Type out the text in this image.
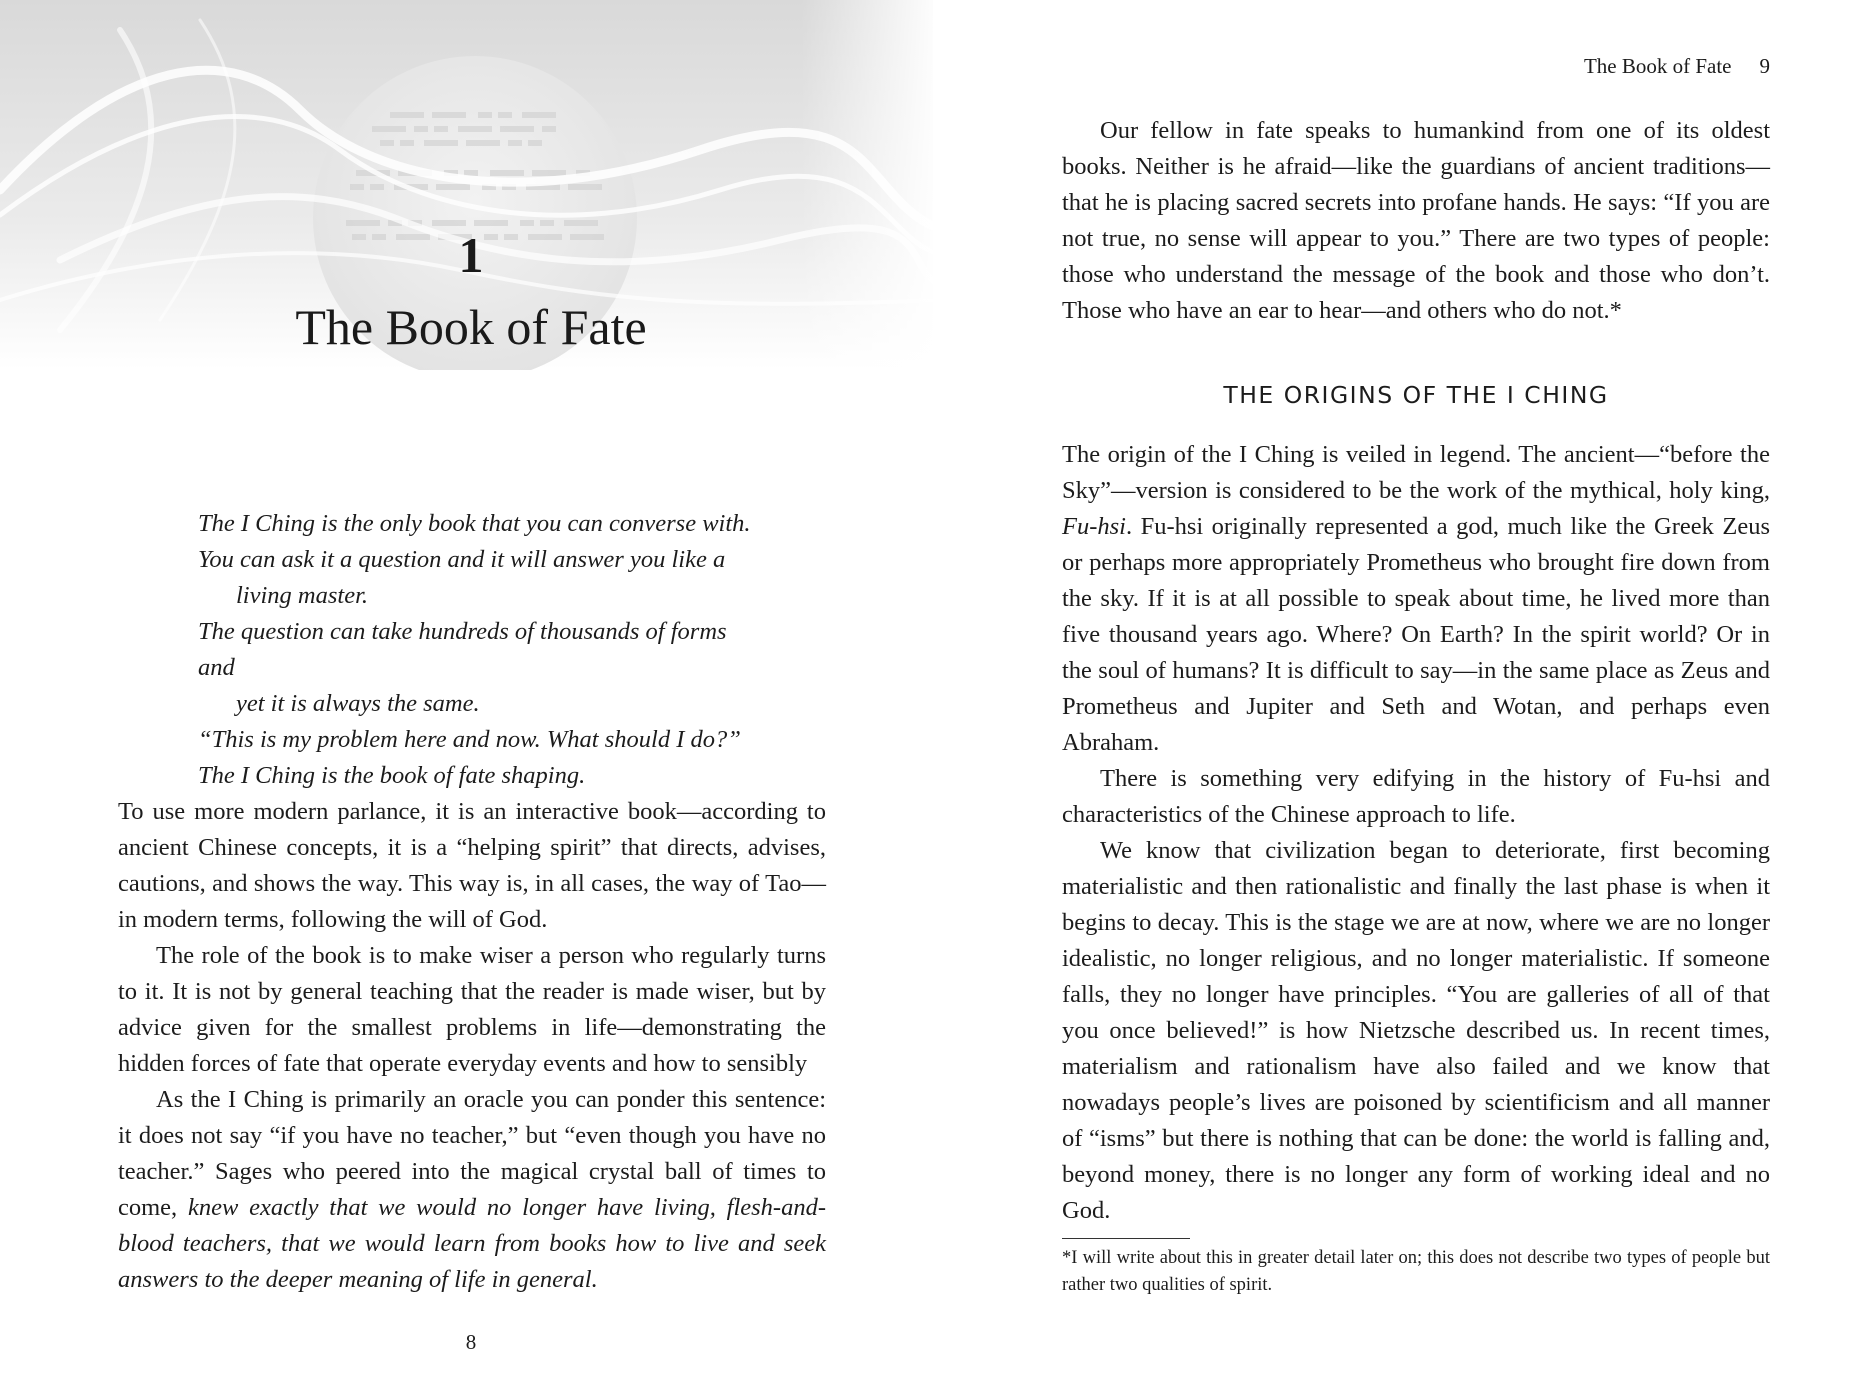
1
The Book of Fate

The I Ching is the only book that you can converse with.

You can ask it a question and it will answer you like a

living master.

The question can take hundreds of thousands of forms and

yet it is always the same.

“This is my problem here and now. What should I do?”

The I Ching is the book of fate shaping.

To use more modern parlance, it is an interactive book—according to ancient Chinese concepts, it is a “helping spirit” that directs, advises, cautions, and shows the way. This way is, in all cases, the way of Tao—in modern terms, following the will of God.

The role of the book is to make wiser a person who regularly turns to it. It is not by general teaching that the reader is made wiser, but by advice given for the smallest problems in life—demonstrating the hidden forces of fate that operate everyday events and how to sensibly

As the I Ching is primarily an oracle you can ponder this sentence: it does not say “if you have no teacher,” but “even though you have no teacher.” Sages who peered into the magical crystal ball of times to come, knew exactly that we would no longer have living, flesh-and-blood teachers, that we would learn from books how to live and seek answers to the deeper meaning of life in general.

8
The Book of Fate 9

Our fellow in fate speaks to humankind from one of its oldest books. Neither is he afraid—like the guardians of ancient traditions—that he is placing sacred secrets into profane hands. He says: “If you are not true, no sense will appear to you.” There are two types of people: those who understand the message of the book and those who don’t. Those who have an ear to hear—and others who do not.*

THE ORIGINS OF THE I CHING

The origin of the I Ching is veiled in legend. The ancient—“before the Sky”—version is considered to be the work of the mythical, holy king, Fu-hsi. Fu-hsi originally represented a god, much like the Greek Zeus or perhaps more appropriately Prometheus who brought fire down from the sky. If it is at all possible to speak about time, he lived more than five thousand years ago. Where? On Earth? In the spirit world? Or in the soul of humans? It is difficult to say—in the same place as Zeus and Prometheus and Jupiter and Seth and Wotan, and perhaps even Abraham.

There is something very edifying in the history of Fu-hsi and characteristics of the Chinese approach to life.

We know that civilization began to deteriorate, first becoming materialistic and then rationalistic and finally the last phase is when it begins to decay. This is the stage we are at now, where we are no longer idealistic, no longer religious, and no longer materialistic. If someone falls, they no longer have principles. “You are galleries of all of that you once believed!” is how Nietzsche described us. In recent times, materialism and rationalism have also failed and we know that nowadays people’s lives are poisoned by scientificism and all manner of “isms” but there is nothing that can be done: the world is falling and, beyond money, there is no longer any form of working ideal and no God.

*I will write about this in greater detail later on; this does not describe two types of people but rather two qualities of spirit.
